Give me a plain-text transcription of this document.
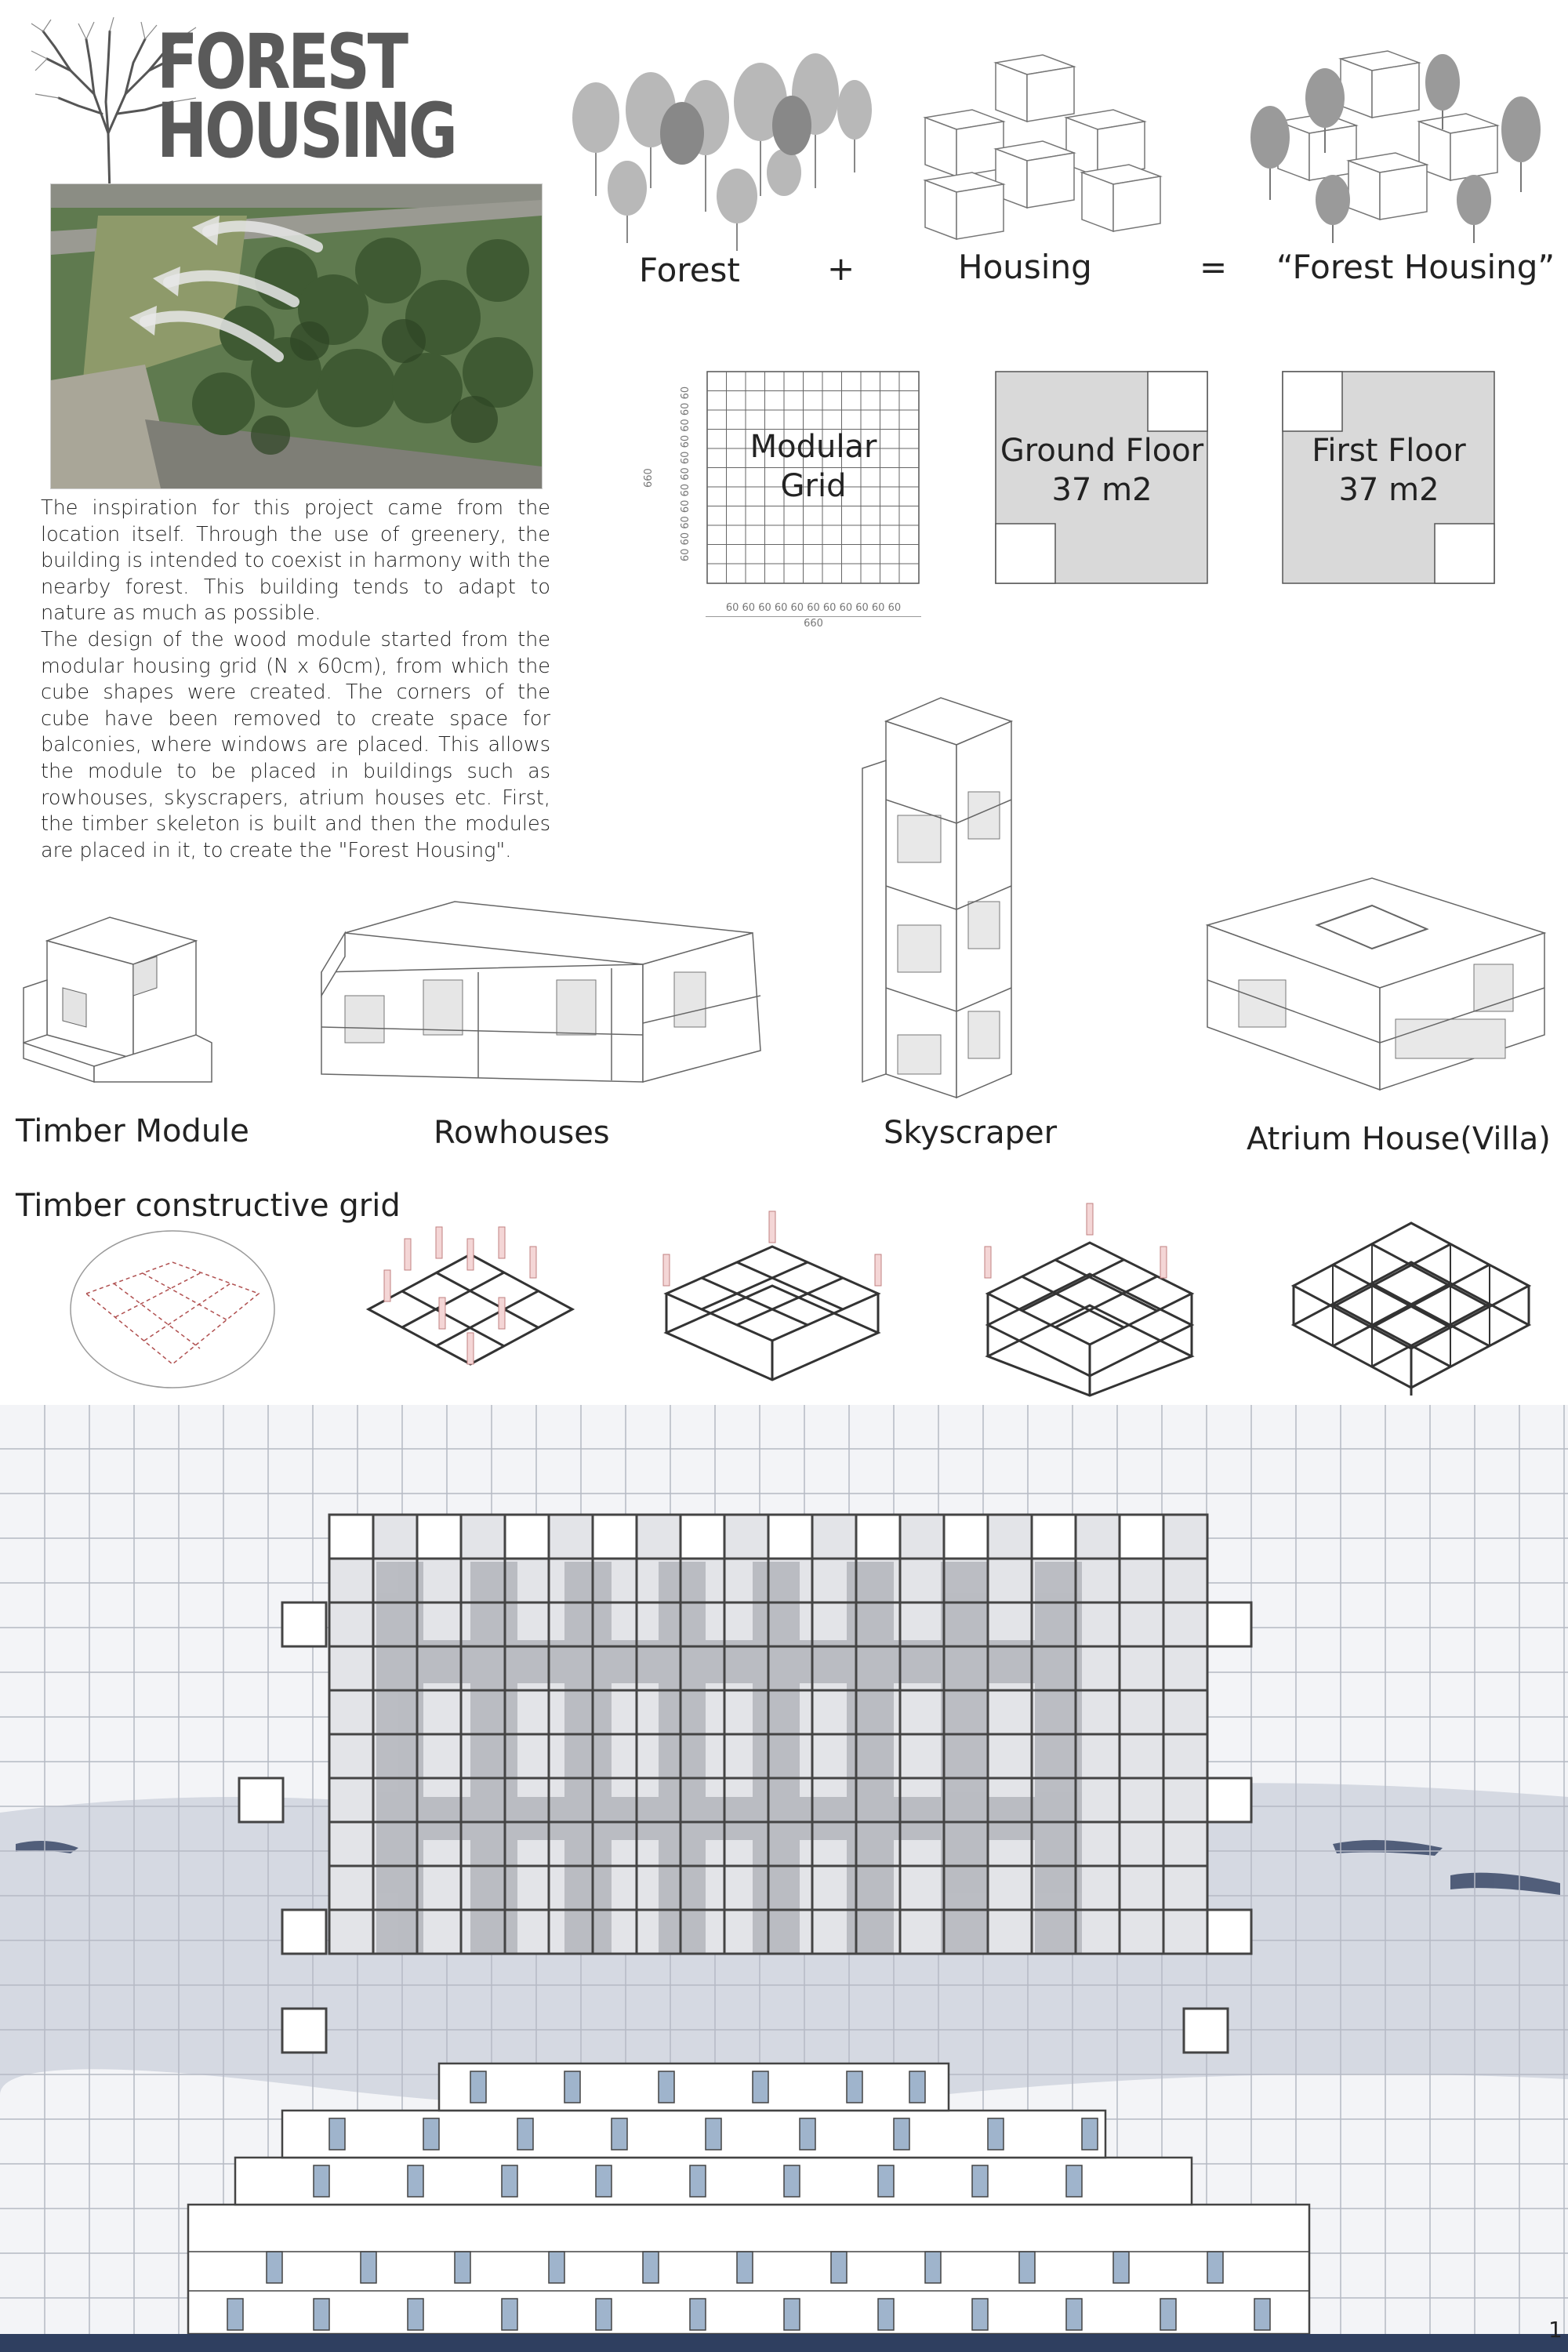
FOREST
HOUSING

The inspiration for this project came from the location itself. Through the use of greenery, the building is intended to coexist in harmony with the nearby forest. This building tends to adapt to nature as much as possible.

The design of the wood module started from the modular housing grid (N x 60cm), from which the cube shapes were created. The corners of the cube have been removed to create space for balconies, where windows are placed. This allows the module to be placed in buildings such as rowhouses, skyscrapers, atrium houses etc. First, the timber skeleton is built and then the modules are placed in it, to create the "Forest Housing".

Forest	+	Housing	= “Forest Housing”
Modular
Grid
60 60 60 60 60 60 60 60 60 60 60
660
60 60 60 60 60 60 60 60 60 60 60
660
Ground Floor
37 m2
First Floor
37 m2
Timber Module	Rowhouses	Skyscraper	Atrium House(Villa)
Timber constructive grid
1
